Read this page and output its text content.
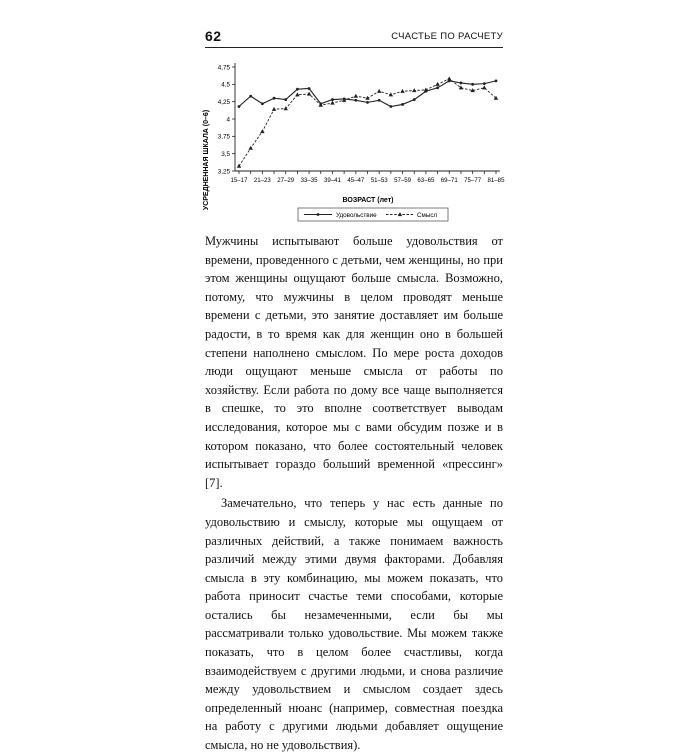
62	СЧАСТЬЕ ПО РАСЧЕТУ
3,25
3,5
3,75
4
4,25
4,5
4,75
15–17 21–23 27–29 33–35 39–41 45–47 51–53 57–59 63–65 69–71 75–77 81–85
УСРЕДНЕННАЯ ШКАЛА (0–6)	ВОЗРАСТ (лет)
Удовольствие	Смысл

Мужчины испытывают больше удовольствия от времени, проведенного с детьми, чем женщины, но при этом женщины ощущают больше смысла. Возможно, потому, что мужчины в целом проводят меньше времени с детьми, это занятие доставляет им больше радости, в то время как для женщин оно в большей степени наполнено смыслом. По мере роста доходов люди ощущают меньше смысла от работы по хозяйству. Если работа по дому все чаще выполняется в спешке, то это вполне соответствует выводам исследования, которое мы с вами обсудим позже и в котором показано, что более состоятельный человек испытывает гораздо больший временной «прессинг» [7].

Замечательно, что теперь у нас есть данные по удовольствию и смыслу, которые мы ощущаем от различных действий, а также понимаем важность различий между этими двумя факторами. Добавляя смысла в эту комбинацию, мы можем показать, что работа приносит счастье теми способами, которые остались бы незамеченными, если бы мы рассматривали только удовольствие. Мы можем также показать, что в целом более счастливы, когда взаимодействуем с другими людьми, и снова различие между удовольствием и смыслом создает здесь определенный нюанс (например, совместная поездка на работу с другими людьми добавляет ощущение смысла, но не удовольствия).
